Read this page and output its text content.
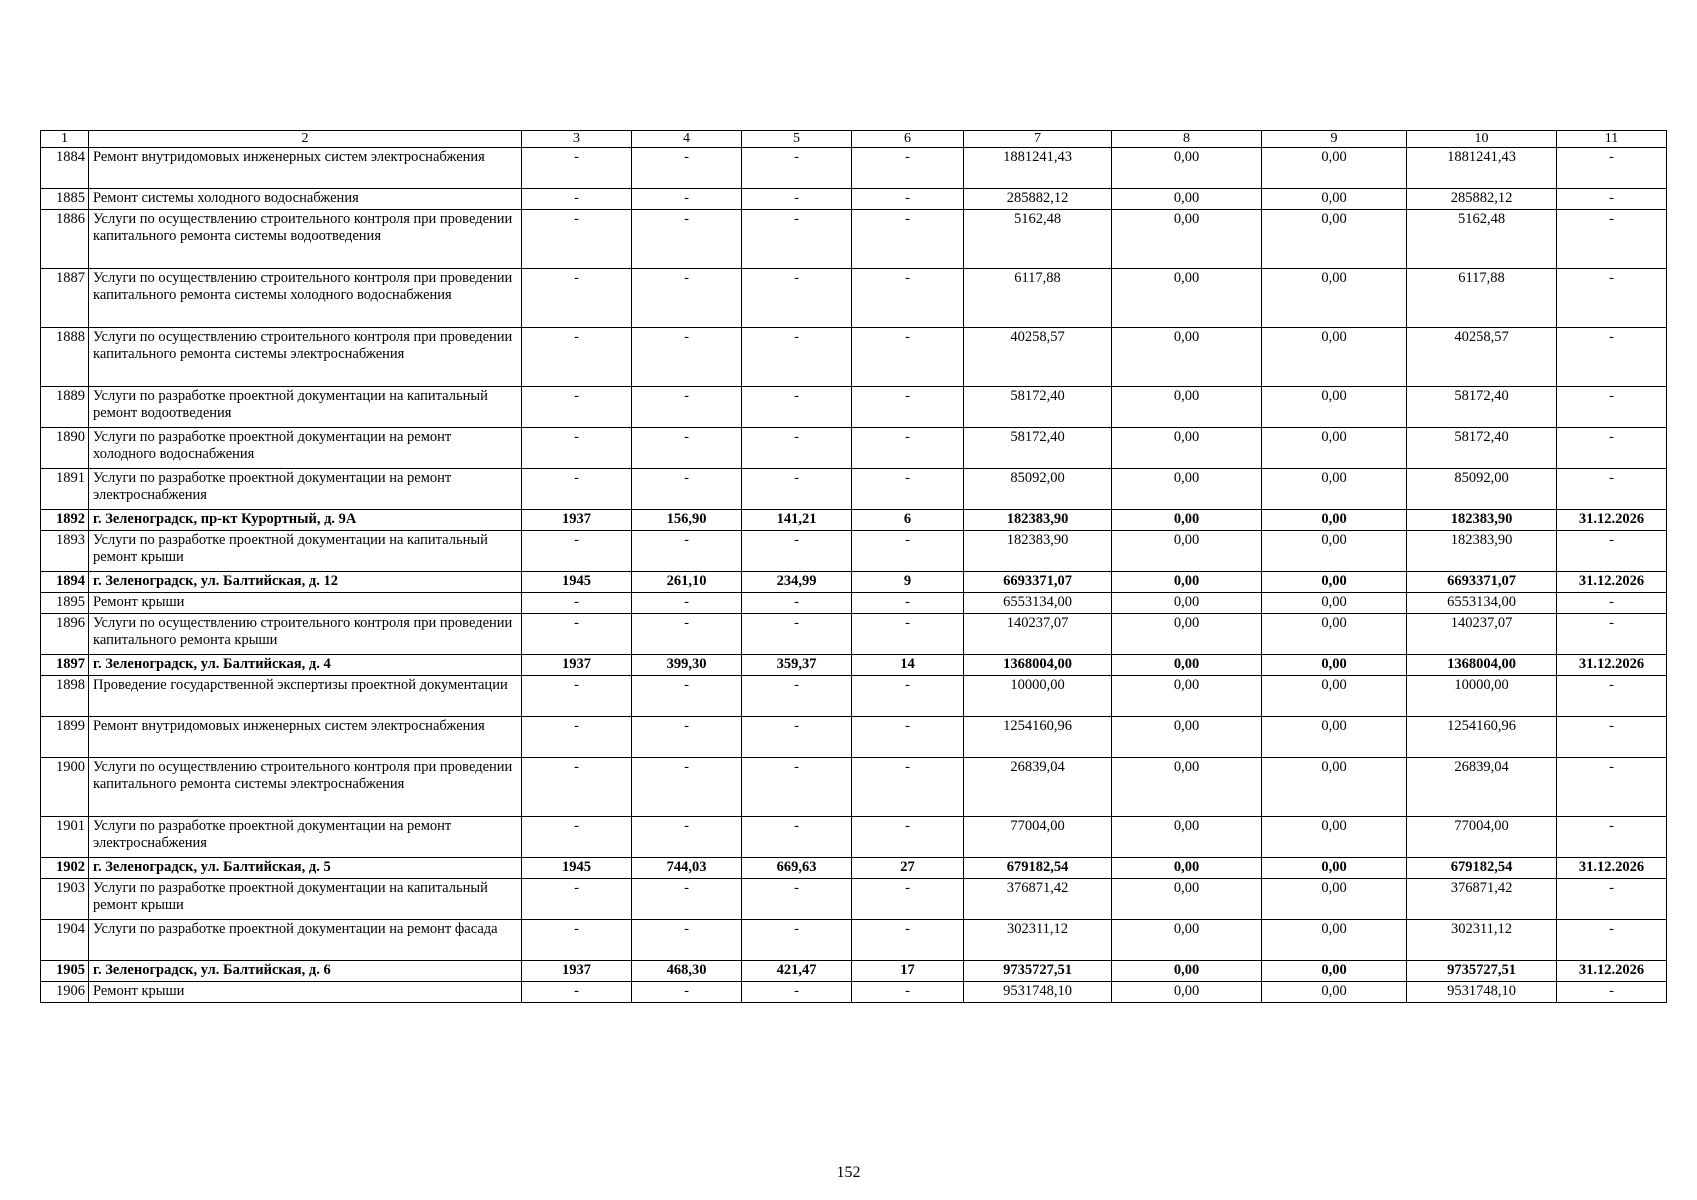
1	2	3	4	5	6	7	8	9	10	11
1884	Ремонт внутридомовых инженерных систем электроснабжения	-	-	-	-	1881241,43	0,00	0,00	1881241,43	-
1885	Ремонт системы холодного водоснабжения	-	-	-	-	285882,12	0,00	0,00	285882,12	-
1886	Услуги по осуществлению строительного контроля при проведении капитального ремонта системы водоотведения	-	-	-	-	5162,48	0,00	0,00	5162,48	-
1887	Услуги по осуществлению строительного контроля при проведении капитального ремонта системы холодного водоснабжения	-	-	-	-	6117,88	0,00	0,00	6117,88	-
1888	Услуги по осуществлению строительного контроля при проведении капитального ремонта системы электроснабжения	-	-	-	-	40258,57	0,00	0,00	40258,57	-
1889	Услуги по разработке проектной документации на капитальный ремонт водоотведения	-	-	-	-	58172,40	0,00	0,00	58172,40	-
1890	Услуги по разработке проектной документации на ремонт холодного водоснабжения	-	-	-	-	58172,40	0,00	0,00	58172,40	-
1891	Услуги по разработке проектной документации на ремонт электроснабжения	-	-	-	-	85092,00	0,00	0,00	85092,00	-
1892	г. Зеленоградск, пр-кт Курортный, д. 9А	1937	156,90	141,21	6	182383,90	0,00	0,00	182383,90	31.12.2026
1893	Услуги по разработке проектной документации на капитальный ремонт крыши	-	-	-	-	182383,90	0,00	0,00	182383,90	-
1894	г. Зеленоградск, ул. Балтийская, д. 12	1945	261,10	234,99	9	6693371,07	0,00	0,00	6693371,07	31.12.2026
1895	Ремонт крыши	-	-	-	-	6553134,00	0,00	0,00	6553134,00	-
1896	Услуги по осуществлению строительного контроля при проведении капитального ремонта крыши	-	-	-	-	140237,07	0,00	0,00	140237,07	-
1897	г. Зеленоградск, ул. Балтийская, д. 4	1937	399,30	359,37	14	1368004,00	0,00	0,00	1368004,00	31.12.2026
1898	Проведение государственной экспертизы проектной документации	-	-	-	-	10000,00	0,00	0,00	10000,00	-
1899	Ремонт внутридомовых инженерных систем электроснабжения	-	-	-	-	1254160,96	0,00	0,00	1254160,96	-
1900	Услуги по осуществлению строительного контроля при проведении капитального ремонта системы электроснабжения	-	-	-	-	26839,04	0,00	0,00	26839,04	-
1901	Услуги по разработке проектной документации на ремонт электроснабжения	-	-	-	-	77004,00	0,00	0,00	77004,00	-
1902	г. Зеленоградск, ул. Балтийская, д. 5	1945	744,03	669,63	27	679182,54	0,00	0,00	679182,54	31.12.2026
1903	Услуги по разработке проектной документации на капитальный ремонт крыши	-	-	-	-	376871,42	0,00	0,00	376871,42	-
1904	Услуги по разработке проектной документации на ремонт фасада	-	-	-	-	302311,12	0,00	0,00	302311,12	-
1905	г. Зеленоградск, ул. Балтийская, д. 6	1937	468,30	421,47	17	9735727,51	0,00	0,00	9735727,51	31.12.2026
1906	Ремонт крыши	-	-	-	-	9531748,10	0,00	0,00	9531748,10	-
152
